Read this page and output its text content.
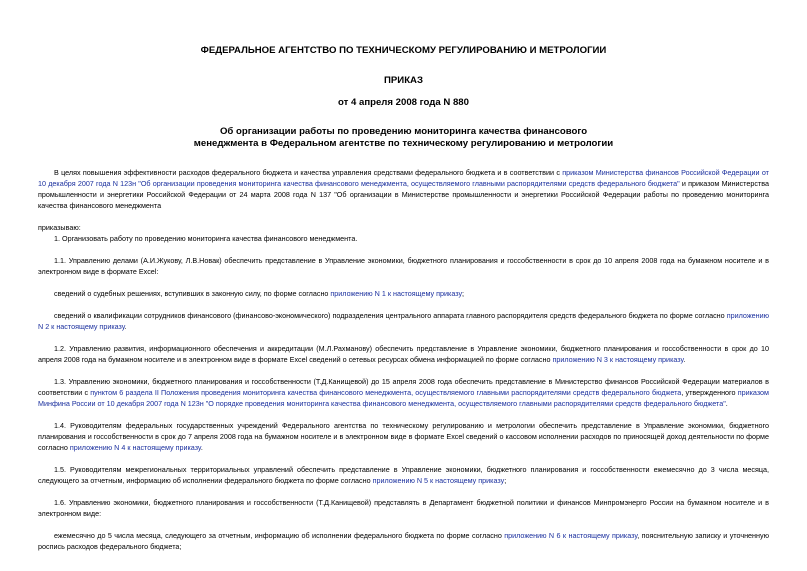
ФЕДЕРАЛЬНОЕ АГЕНТСТВО ПО ТЕХНИЧЕСКОМУ РЕГУЛИРОВАНИЮ И МЕТРОЛОГИИ
ПРИКАЗ
от 4 апреля 2008 года N 880
Об организации работы по проведению мониторинга качества финансового
менеджмента в Федеральном агентстве по техническому регулированию и метрологии

В целях повышения эффективности расходов федерального бюджета и качества управления средствами федерального бюджета и в соответствии с приказом Министерства финансов Российской Федерации от 10 декабря 2007 года N 123н "Об организации проведения мониторинга качества финансового менеджмента, осуществляемого главными распорядителями средств федерального бюджета" и приказом Министерства промышленности и энергетики Российской Федерации от 24 марта 2008 года N 137 "Об организации в Министерстве промышленности и энергетики Российской Федерации работы по проведению мониторинга качества финансового менеджмента

приказываю:

1. Организовать работу по проведению мониторинга качества финансового менеджмента.

1.1. Управлению делами (А.И.Жукову, Л.В.Новак) обеспечить представление в Управление экономики, бюджетного планирования и госсобственности в срок до 10 апреля 2008 года на бумажном носителе и в электронном виде в формате Excel:

сведений о судебных решениях, вступивших в законную силу, по форме согласно приложению N 1 к настоящему приказу;

сведений о квалификации сотрудников финансового (финансово-экономического) подразделения центрального аппарата главного распорядителя средств федерального бюджета по форме согласно приложению N 2 к настоящему приказу.

1.2. Управлению развития, информационного обеспечения и аккредитации (М.Л.Рахманову) обеспечить представление в Управление экономики, бюджетного планирования и госсобственности в срок до 10 апреля 2008 года на бумажном носителе и в электронном виде в формате Excel сведений о сетевых ресурсах обмена информацией по форме согласно приложению N 3 к настоящему приказу.

1.3. Управлению экономики, бюджетного планирования и госсобственности (Т.Д.Канищевой) до 15 апреля 2008 года обеспечить представление в Министерство финансов Российской Федерации материалов в соответствии с пунктом 6 раздела II Положения проведения мониторинга качества финансового менеджмента, осуществляемого главными распорядителями средств федерального бюджета, утвержденного приказом Минфина России от 10 декабря 2007 года N 123н "О порядке проведения мониторинга качества финансового менеджмента, осуществляемого главными распорядителями средств федерального бюджета".

1.4. Руководителям федеральных государственных учреждений Федерального агентства по техническому регулированию и метрологии обеспечить представление в Управление экономики, бюджетного планирования и госсобственности в срок до 7 апреля 2008 года на бумажном носителе и в электронном виде в формате Excel сведений о кассовом исполнении расходов по приносящей доход деятельности по форме согласно приложению N 4 к настоящему приказу.

1.5. Руководителям межрегиональных территориальных управлений обеспечить представление в Управление экономики, бюджетного планирования и госсобственности ежемесячно до 3 числа месяца, следующего за отчетным, информацию об исполнении федерального бюджета по форме согласно приложению N 5 к настоящему приказу;

1.6. Управлению экономики, бюджетного планирования и госсобственности (Т.Д.Канищевой) представлять в Департамент бюджетной политики и финансов Минпромэнерго России на бумажном носителе и в электронном виде:

ежемесячно до 5 числа месяца, следующего за отчетным, информацию об исполнении федерального бюджета по форме согласно приложению N 6 к настоящему приказу, пояснительную записку и уточненную роспись расходов федерального бюджета;
